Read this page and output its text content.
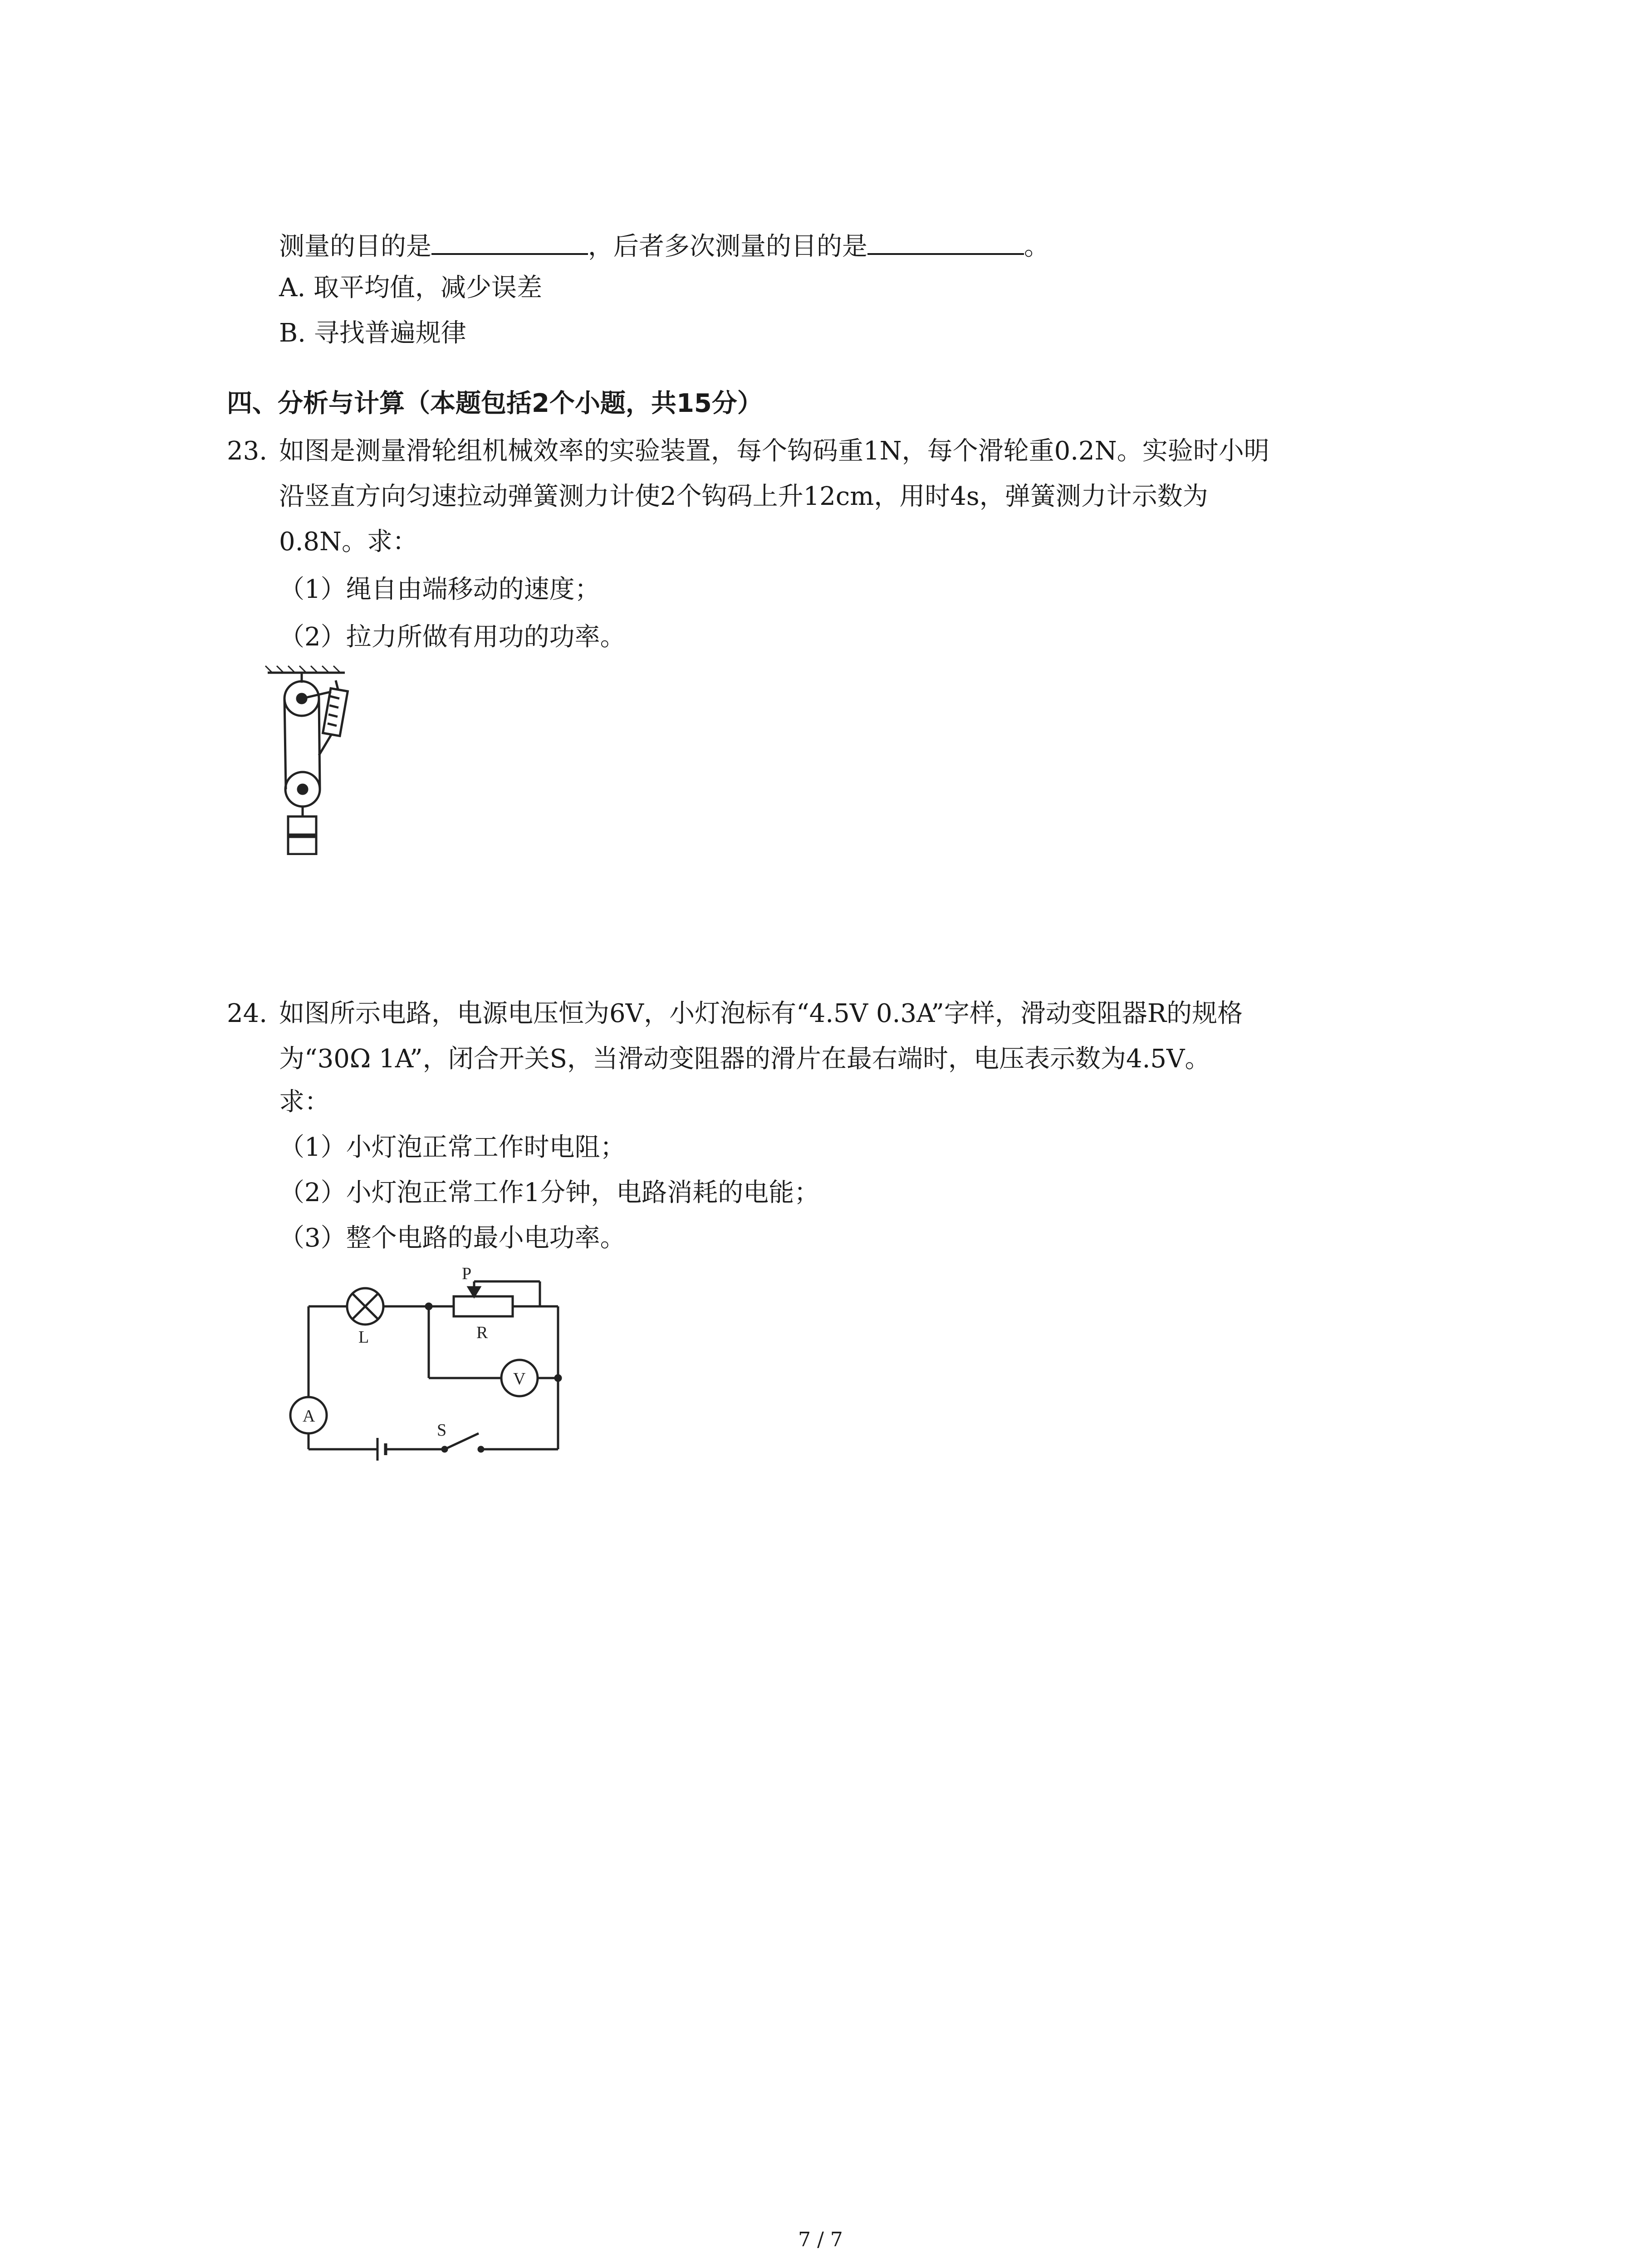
测量的目的是	，后者多次测量的目的是	。
A. 取平均值，减少误差
B. 寻找普遍规律
四、分析与计算（本题包括2个小题，共15分）
23. 如图是测量滑轮组机械效率的实验装置，每个钩码重1N，每个滑轮重0.2N。实验时小明
沿竖直方向匀速拉动弹簧测力计使2个钩码上升12cm，用时4s，弹簧测力计示数为
0.8N。求：
（1）绳自由端移动的速度；
（2）拉力所做有用功的功率。
24. 如图所示电路，电源电压恒为6V，小灯泡标有“4.5V 0.3A”字样，滑动变阻器R的规格
为“30Ω 1A”，闭合开关S，当滑动变阻器的滑片在最右端时，电压表示数为4.5V。
求：
（1）小灯泡正常工作时电阻；
（2）小灯泡正常工作1分钟，电路消耗的电能；
（3）整个电路的最小电功率。
P
R
L
V
A
S
7 / 7
